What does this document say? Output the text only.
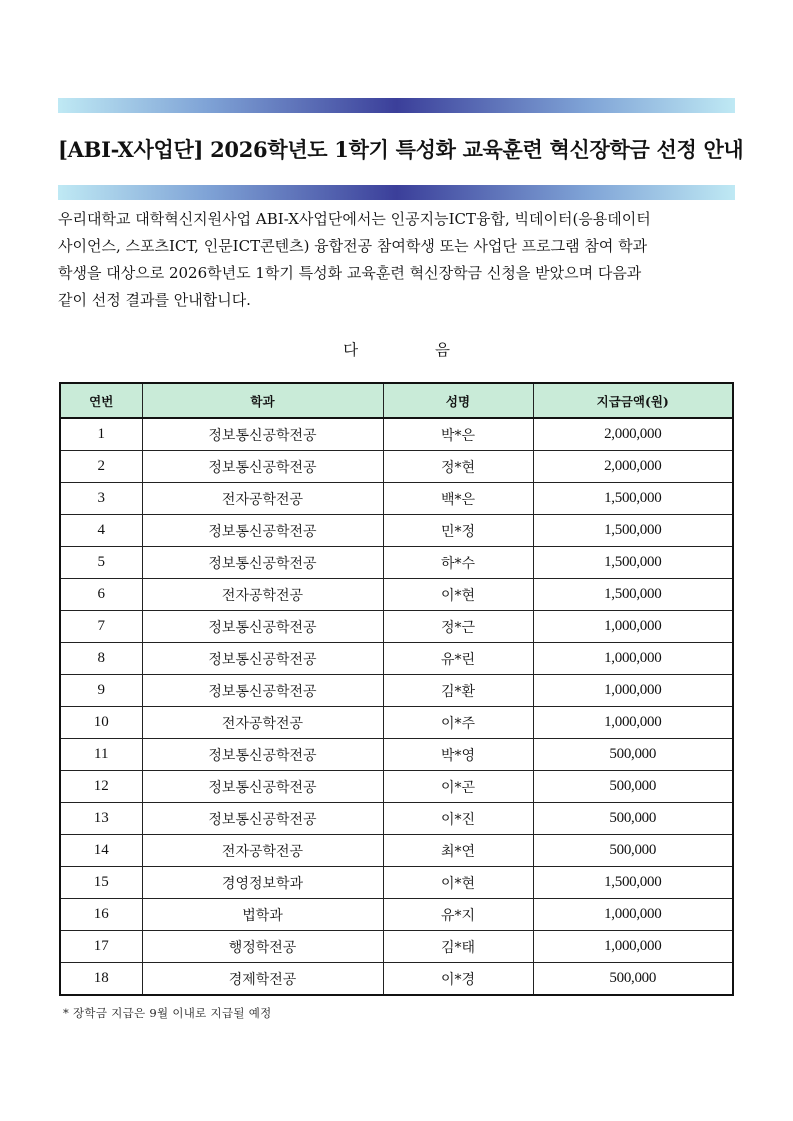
[ABI-X사업단] 2026학년도 1학기 특성화 교육훈련 혁신장학금 선정 안내
우리대학교 대학혁신지원사업 ABI-X사업단에서는 인공지능ICT융합, 빅데이터(응용데이터
사이언스, 스포츠ICT, 인문ICT콘텐츠) 융합전공 참여학생 또는 사업단 프로그램 참여 학과
학생을 대상으로 2026학년도 1학기 특성화 교육훈련 혁신장학금 신청을 받았으며 다음과
같이 선정 결과를 안내합니다.
다 음
연번	학과	성명	지급금액(원)
1	정보통신공학전공	박*은	2,000,000
2	정보통신공학전공	정*현	2,000,000
3	전자공학전공	백*은	1,500,000
4	정보통신공학전공	민*정	1,500,000
5	정보통신공학전공	하*수	1,500,000
6	전자공학전공	이*현	1,500,000
7	정보통신공학전공	정*근	1,000,000
8	정보통신공학전공	유*린	1,000,000
9	정보통신공학전공	김*환	1,000,000
10	전자공학전공	이*주	1,000,000
11	정보통신공학전공	박*영	500,000
12	정보통신공학전공	이*곤	500,000
13	정보통신공학전공	이*진	500,000
14	전자공학전공	최*연	500,000
15	경영정보학과	이*현	1,500,000
16	법학과	유*지	1,000,000
17	행정학전공	김*태	1,000,000
18	경제학전공	이*경	500,000
* 장학금 지급은 9월 이내로 지급될 예정
